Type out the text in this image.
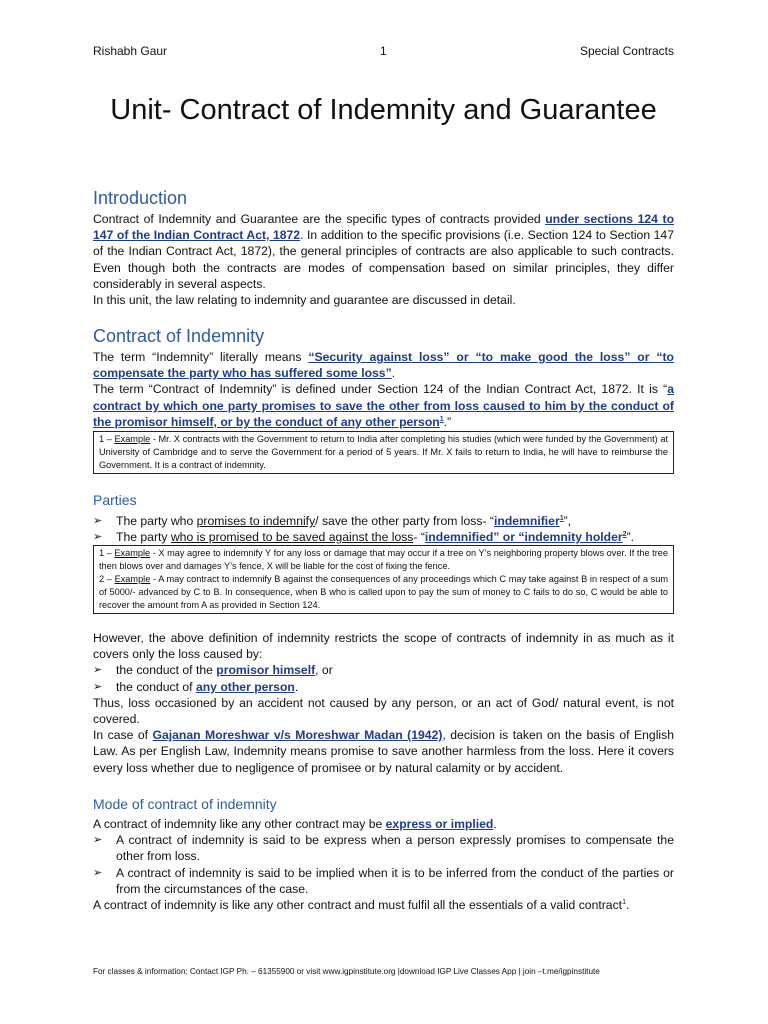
Rishabh Gaur	1	Special Contracts
Unit- Contract of Indemnity and Guarantee
Introduction

Contract of Indemnity and Guarantee are the specific types of contracts provided under sections 124 to 147 of the Indian Contract Act, 1872. In addition to the specific provisions (i.e. Section 124 to Section 147 of the Indian Contract Act, 1872), the general principles of contracts are also applicable to such contracts. Even though both the contracts are modes of compensation based on similar principles, they differ considerably in several aspects.

In this unit, the law relating to indemnity and guarantee are discussed in detail.

Contract of Indemnity

The term “Indemnity” literally means “Security against loss” or “to make good the loss” or “to compensate the party who has suffered some loss”.

The term “Contract of Indemnity” is defined under Section 124 of the Indian Contract Act, 1872. It is “a contract by which one party promises to save the other from loss caused to him by the conduct of the promisor himself, or by the conduct of any other person$^1$.”

1 – Example - Mr. X contracts with the Government to return to India after completing his studies (which were funded by the Government) at University of Cambridge and to serve the Government for a period of 5 years. If Mr. X fails to return to India, he will have to reimburse the Government. It is a contract of indemnity.
Parties
➢	The party who promises to indemnify/ save the other party from loss- “indemnifier$^1$”,
➢	The party who is promised to be saved against the loss- “indemnified” or “indemnity holder$^2$”.
1 – Example - X may agree to indemnify Y for any loss or damage that may occur if a tree on Y’s neighboring property blows over. If the tree then blows over and damages Y’s fence, X will be liable for the cost of fixing the fence.
2 – Example - A may contract to indemnify B against the consequences of any proceedings which C may take against B in respect of a sum of 5000/- advanced by C to B. In consequence, when B who is called upon to pay the sum of money to C fails to do so, C would be able to recover the amount from A as provided in Section 124.

However, the above definition of indemnity restricts the scope of contracts of indemnity in as much as it covers only the loss caused by:

➢	the conduct of the promisor himself, or
➢	the conduct of any other person.

Thus, loss occasioned by an accident not caused by any person, or an act of God/ natural event, is not covered.

In case of Gajanan Moreshwar v/s Moreshwar Madan (1942), decision is taken on the basis of English Law. As per English Law, Indemnity means promise to save another harmless from the loss. Here it covers every loss whether due to negligence of promisee or by natural calamity or by accident.

Mode of contract of indemnity

A contract of indemnity like any other contract may be express or implied.

➢	A contract of indemnity is said to be express when a person expressly promises to compensate the other from loss.
➢	A contract of indemnity is said to be implied when it is to be inferred from the conduct of the parties or from the circumstances of the case.

A contract of indemnity is like any other contract and must fulfil all the essentials of a valid contract$^1$.

For classes & information: Contact IGP Ph. – 61355900 or visit www.igpinstitute.org |download IGP Live Classes App | join –t.me/igpinstitute
